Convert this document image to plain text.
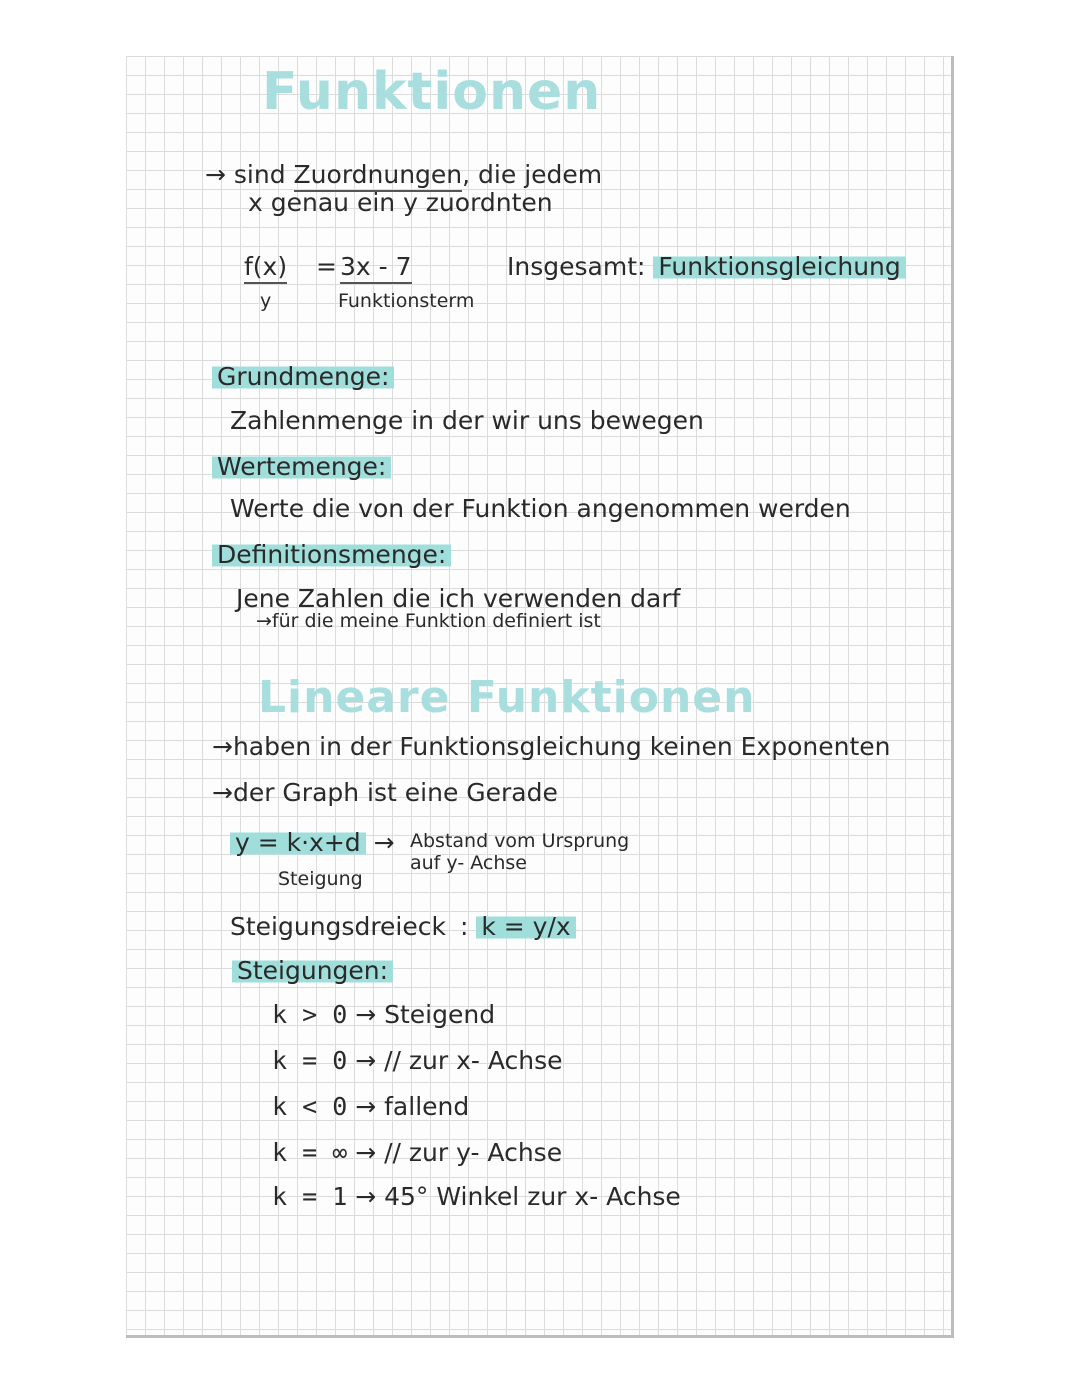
Funktionen
→ sind Zuordnungen, die jedem
x genau ein y zuordnten
f(x)
y
= 3x - 7
Funktionsterm
Insgesamt: Funktionsgleichung
Grundmenge:
Zahlenmenge in der wir uns bewegen
Wertemenge:
Werte die von der Funktion angenommen werden
Definitionsmenge:
Jene Zahlen die ich verwenden darf
→für die meine Funktion definiert ist
Lineare Funktionen
→haben in der Funktionsgleichung keinen Exponenten
→der Graph ist eine Gerade
y = k·x+d → Abstand vom Ursprung
auf y- Achse
Steigung
Steigungsdreieck : k = y/x
Steigungen:
k > 0 → Steigend
k = 0 → // zur x- Achse
k < 0 → fallend
k = ∞ → // zur y- Achse
k = 1 → 45° Winkel zur x- Achse
